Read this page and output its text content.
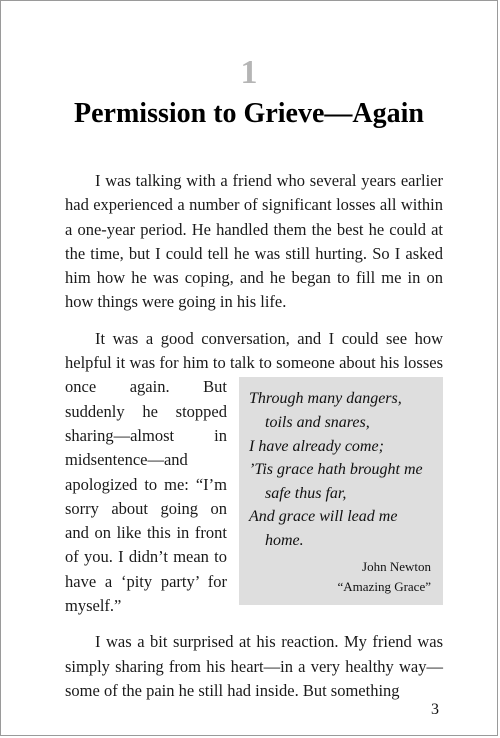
1
Permission to Grieve—Again

I was talking with a friend who several years earlier had experienced a number of significant losses all within a one-year period. He handled them the best he could at the time, but I could tell he was still hurting. So I asked him how he was coping, and he began to fill me in on how things were going in his life.

It was a good conversation, and I could see how helpful it was for him to talk to someone about his losses
Through many dangers,
toils and snares,
I have already come;
’Tis grace hath brought me
safe thus far,
And grace will lead me
home.
John Newton
“Amazing Grace”
once again. But suddenly he stopped sharing—almost in midsentence—and apologized to me: “I’m sorry about going on and on like this in front of you. I didn’t mean to have a ‘pity party’ for myself.”

I was a bit surprised at his reaction. My friend was simply sharing from his heart—in a very healthy way—some of the pain he still had inside. But something

3
